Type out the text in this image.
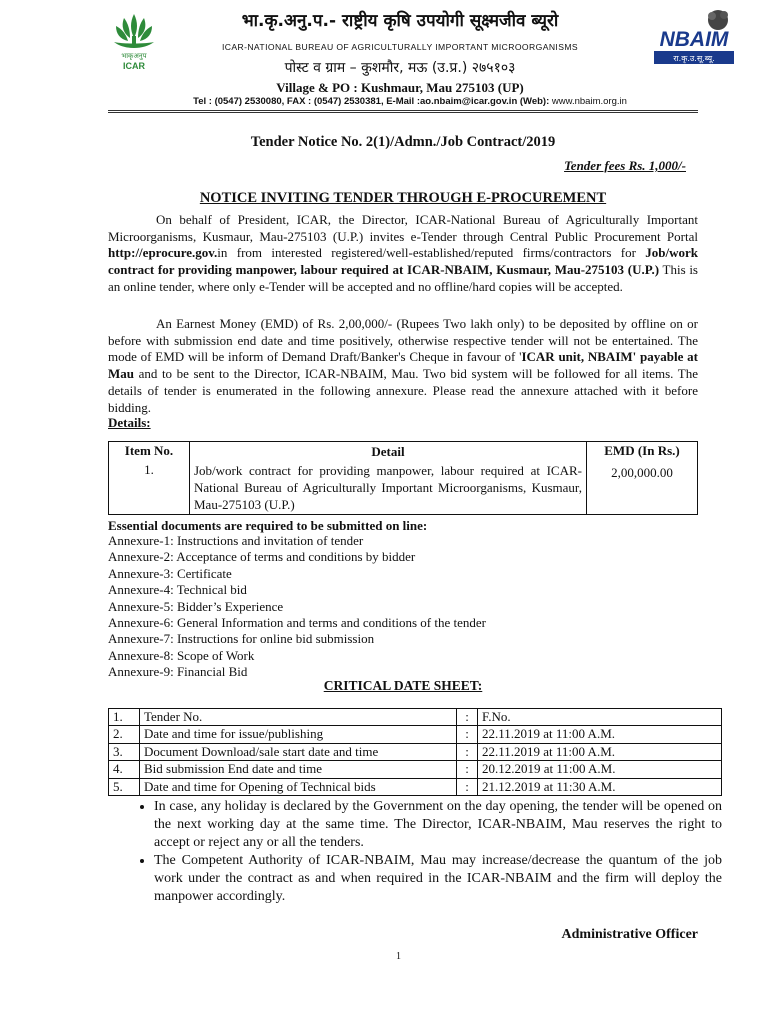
भाकृअनुप
ICAR
NBAIM
रा.कृ.उ.सू.ब्यू.
भा.कृ.अनु.प.- राष्ट्रीय कृषि उपयोगी सूक्ष्मजीव ब्यूरो
ICAR-NATIONAL BUREAU OF AGRICULTURALLY IMPORTANT MICROORGANISMS
पोस्ट व ग्राम – कुशमौर, मऊ (उ.प्र.) २७५१०३
Village & PO : Kushmaur, Mau 275103 (UP)
Tel : (0547) 2530080, FAX : (0547) 2530381, E-Mail :ao.nbaim@icar.gov.in (Web): www.nbaim.org.in
Tender Notice No. 2(1)/Admn./Job Contract/2019
Tender fees Rs. 1,000/-
NOTICE INVITING TENDER THROUGH E-PROCUREMENT
On behalf of President, ICAR, the Director, ICAR-National Bureau of Agriculturally Important Microorganisms, Kusmaur, Mau-275103 (U.P.) invites e-Tender through Central Public Procurement Portal http://eprocure.gov.in from interested registered/well-established/reputed firms/contractors for Job/work contract for providing manpower, labour required at ICAR-NBAIM, Kusmaur, Mau-275103 (U.P.) This is an online tender, where only e-Tender will be accepted and no offline/hard copies will be accepted.
An Earnest Money (EMD) of Rs. 2,00,000/- (Rupees Two lakh only) to be deposited by offline on or before with submission end date and time positively, otherwise respective tender will not be entertained. The mode of EMD will be inform of Demand Draft/Banker's Cheque in favour of 'ICAR unit, NBAIM' payable at Mau and to be sent to the Director, ICAR-NBAIM, Mau. Two bid system will be followed for all items. The details of tender is enumerated in the following annexure. Please read the annexure attached with it before bidding.
Details:
Item No.	Detail	EMD (In Rs.)
1.	Job/work contract for providing manpower, labour required at ICAR-National Bureau of Agriculturally Important Microorganisms, Kusmaur, Mau-275103 (U.P.)	2,00,000.00
Essential documents are required to be submitted on line:
Annexure-1: Instructions and invitation of tender
Annexure-2: Acceptance of terms and conditions by bidder
Annexure-3: Certificate
Annexure-4: Technical bid
Annexure-5: Bidder’s Experience
Annexure-6: General Information and terms and conditions of the tender
Annexure-7: Instructions for online bid submission
Annexure-8: Scope of Work
Annexure-9: Financial Bid
CRITICAL DATE SHEET:
1.	Tender No.	:	F.No.
2.	Date and time for issue/publishing	:	22.11.2019 at 11:00 A.M.
3.	Document Download/sale start date and time	:	22.11.2019 at 11:00 A.M.
4.	Bid submission End date and time	:	20.12.2019 at 11:00 A.M.
5.	Date and time for Opening of Technical bids	:	21.12.2019 at 11:30 A.M.
• In case, any holiday is declared by the Government on the day opening, the tender will be opened on the next working day at the same time. The Director, ICAR-NBAIM, Mau reserves the right to accept or reject any or all the tenders.
• The Competent Authority of ICAR-NBAIM, Mau may increase/decrease the quantum of the job work under the contract as and when required in the ICAR-NBAIM and the firm will deploy the manpower accordingly.
Administrative Officer
1
